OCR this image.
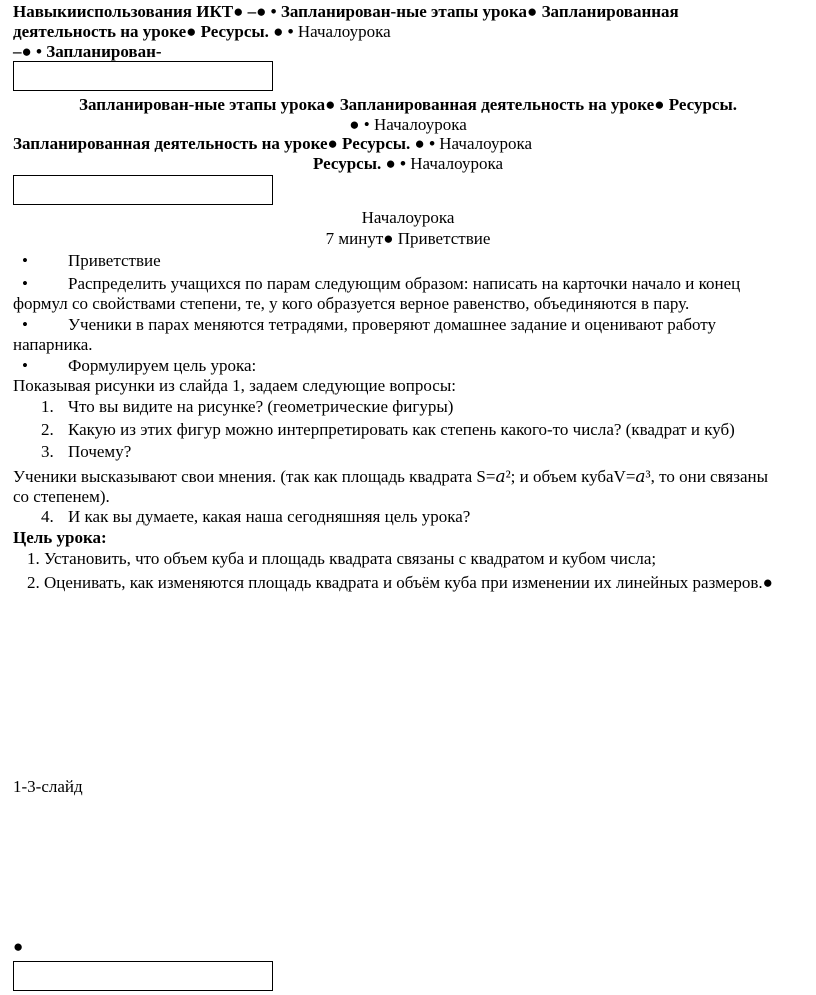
Навыкииспользования ИКТ● –● • Запланирован-ные этапы урока● Запланированная
деятельность на уроке● Ресурсы. ● • Началоурока
–● • Запланирован-
Запланирован-ные этапы урока● Запланированная деятельность на уроке● Ресурсы.
● • Началоурока
Запланированная деятельность на уроке● Ресурсы. ● • Началоурока
Ресурсы. ● • Началоурока
Началоурока
7 минут● Приветствие
• Приветствие
• Распределить учащихся по парам следующим образом: написать на карточки начало и конец
формул со свойствами степени, те, у кого образуется верное равенство, объединяются в пару.
• Ученики в парах меняются тетрадями, проверяют домашнее задание и оценивают работу
напарника.
• Формулируем цель урока:
Показывая рисунки из слайда 1, задаем следующие вопросы:
1. Что вы видите на рисунке? (геометрические фигуры)
2. Какую из этих фигур можно интерпретировать как степень какого-то числа? (квадрат и куб)
3. Почему?
Ученики высказывают свои мнения. (так как площадь квадрата S=𝑎²; и объем кубаV=𝑎³, то они связаны
со степенем).
4. И как вы думаете, какая наша сегодняшняя цель урока?
Цель урока:
1. Установить, что объем куба и площадь квадрата связаны с квадратом и кубом числа;
2. Оценивать, как изменяются площадь квадрата и объём куба при изменении их линейных размеров.●
1-3-слайд
●
